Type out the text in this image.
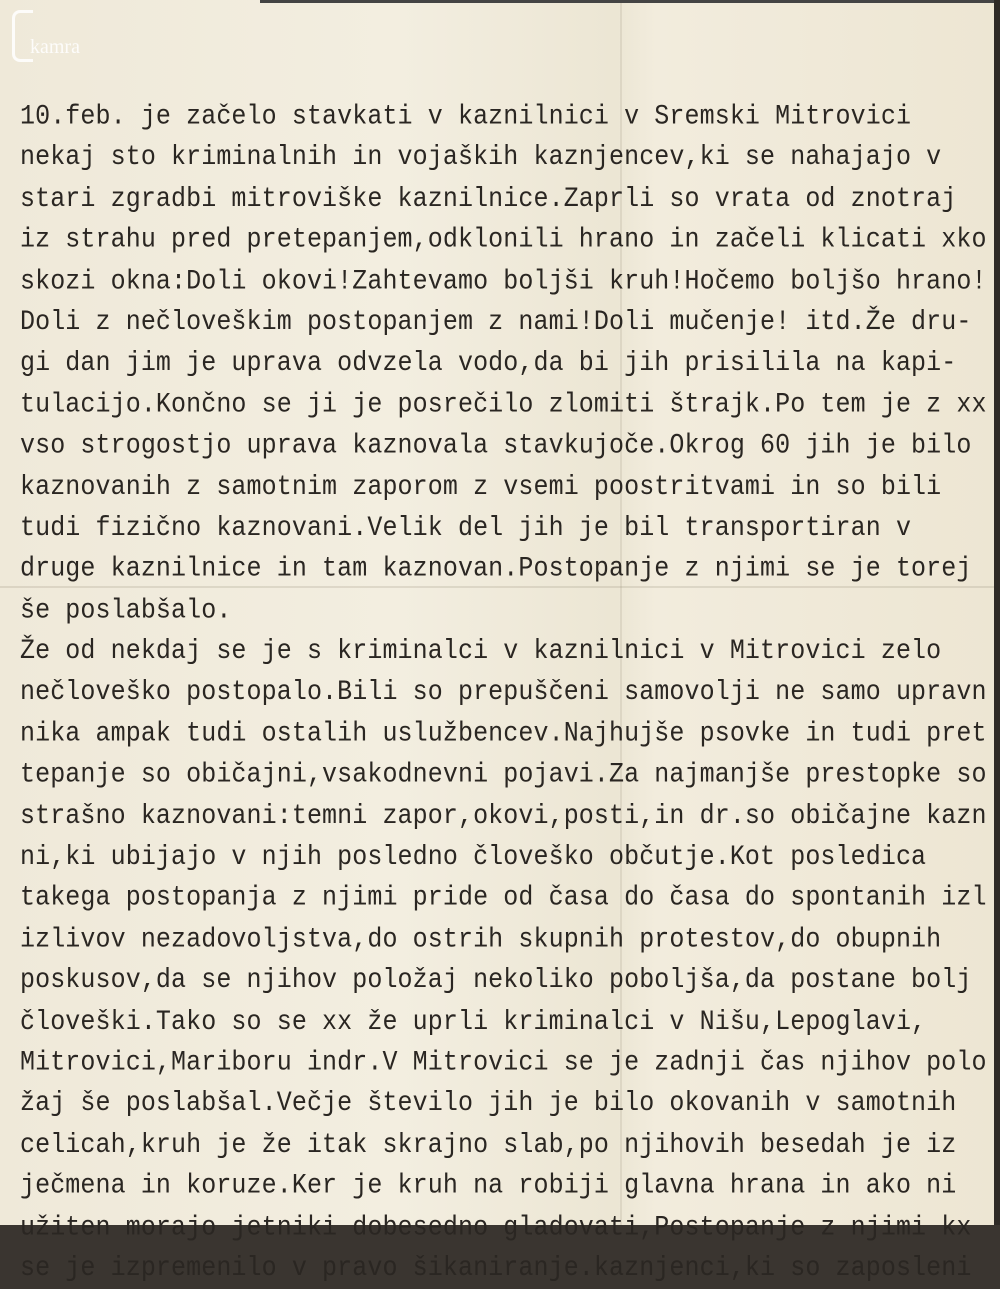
kamra
10.feb. je začelo stavkati v kaznilnici v Sremski Mitrovici
nekaj sto kriminalnih in vojaških kaznjencev,ki se nahajajo v
stari zgradbi mitroviške kaznilnice.Zaprli so vrata od znotraj
iz strahu pred pretepanjem,odklonili hrano in začeli klicati xko
skozi okna:Doli okovi!Zahtevamo boljši kruh!Hočemo boljšo hrano!
Doli z nečloveškim postopanjem z nami!Doli mučenje! itd.Že dru-
gi dan jim je uprava odvzela vodo,da bi jih prisilila na kapi-
tulacijo.Končno se ji je posrečilo zlomiti štrajk.Po tem je z xx
vso strogostjo uprava kaznovala stavkujoče.Okrog 60 jih je bilo
kaznovanih z samotnim zaporom z vsemi poostritvami in so bili
tudi fizično kaznovani.Velik del jih je bil transportiran v
druge kaznilnice in tam kaznovan.Postopanje z njimi se je torej
še poslabšalo.
Že od nekdaj se je s kriminalci v kaznilnici v Mitrovici zelo
nečloveško postopalo.Bili so prepuščeni samovolji ne samo upravn
nika ampak tudi ostalih uslužbencev.Najhujše psovke in tudi pret
tepanje so običajni,vsakodnevni pojavi.Za najmanjše prestopke so
strašno kaznovani:temni zapor,okovi,posti,in dr.so običajne kazn
ni,ki ubijajo v njih posledno človeško občutje.Kot posledica
takega postopanja z njimi pride od časa do časa do spontanih izl
izlivov nezadovoljstva,do ostrih skupnih protestov,do obupnih
poskusov,da se njihov položaj nekoliko poboljša,da postane bolj
človeški.Tako so se xx že uprli kriminalci v Nišu,Lepoglavi,
Mitrovici,Mariboru indr.V Mitrovici se je zadnji čas njihov polo
žaj še poslabšal.Večje število jih je bilo okovanih v samotnih
celicah,kruh je že itak skrajno slab,po njihovih besedah je iz
ječmena in koruze.Ker je kruh na robiji glavna hrana in ako ni
užiten morajo jetniki dobesedno gladovati,Postopanje z njimi kx
se je izpremenilo v pravo šikaniranje.kaznjenci,ki so zaposleni
